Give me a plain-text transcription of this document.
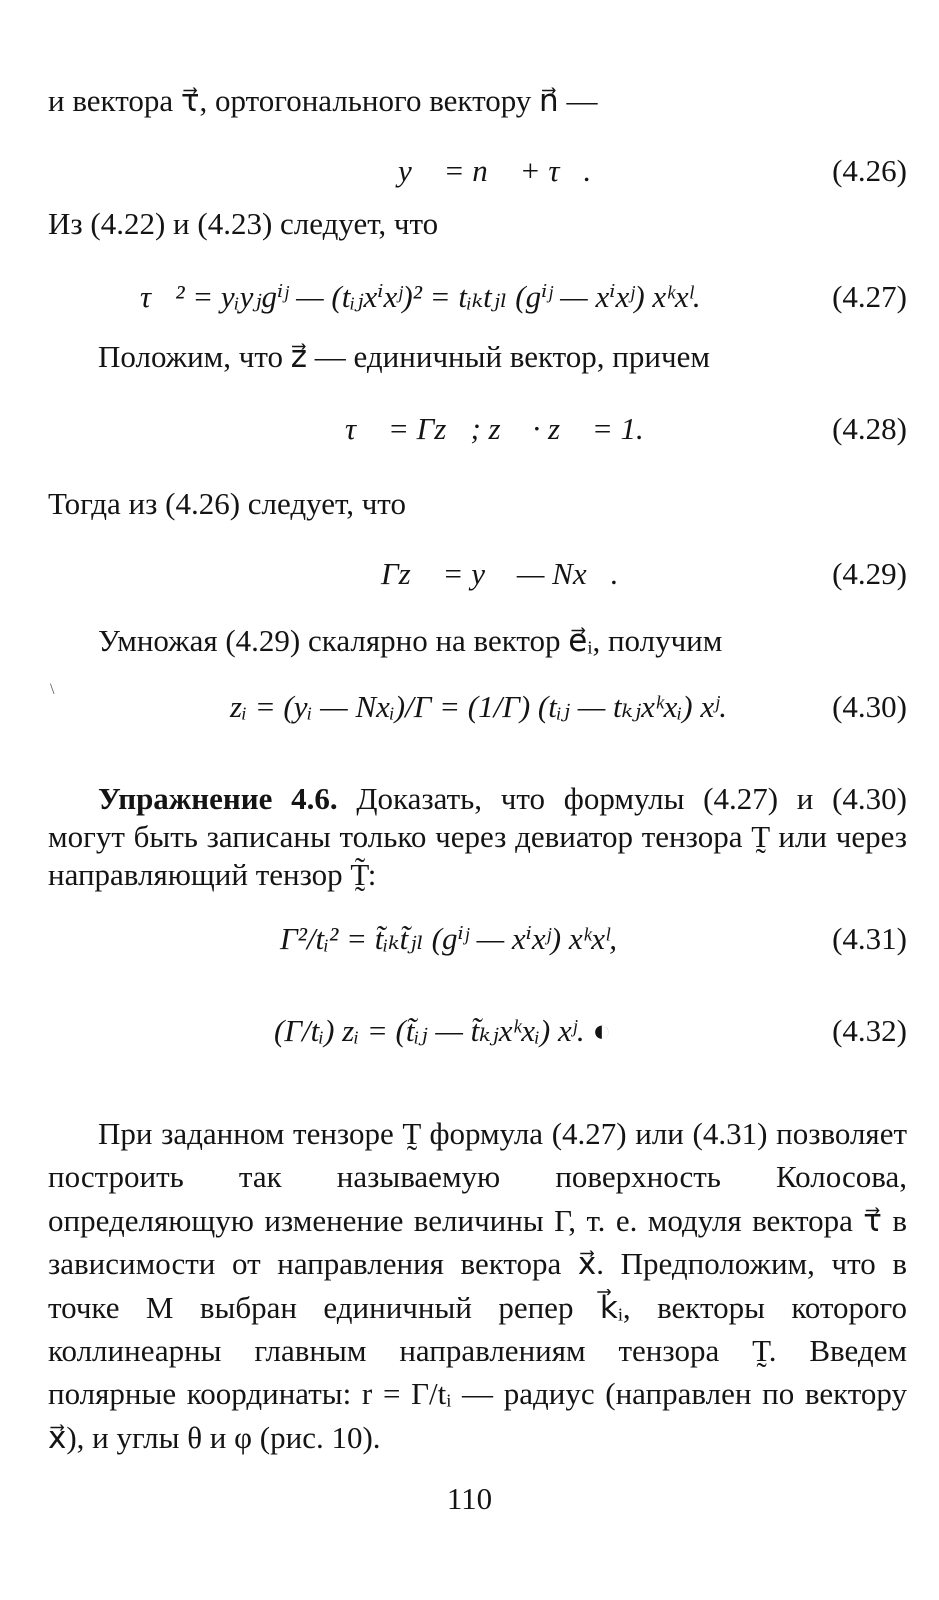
и вектора τ⃗, ортогонального вектору n⃗ —
y⃗ = n⃗ + τ⃗.	(4.26)
Из (4.22) и (4.23) следует, что
τ⃗² = yᵢyⱼgⁱʲ — (tᵢⱼxⁱxʲ)² = tᵢₖtⱼₗ (gⁱʲ — xⁱxʲ) xᵏxˡ.	(4.27)
Положим, что z⃗ — единичный вектор, причем
τ⃗ = Γz⃗; z⃗ · z⃗ = 1.	(4.28)
Тогда из (4.26) следует, что
Γz⃗ = y⃗ — Nx⃗.	(4.29)
Умножая (4.29) скалярно на вектор e⃗ᵢ, получим
\	zᵢ = (yᵢ — Nxᵢ)/Γ = (1/Γ) (tᵢⱼ — tₖⱼxᵏxᵢ) xʲ.	(4.30)
Упражнение 4.6. Доказать, что формулы (4.27) и (4.30) могут быть записаны только через девиатор тензора T̰ или через направляющий тензор T̰̃:
Γ²/tᵢ² = t̃ᵢₖt̃ⱼₗ (gⁱʲ — xⁱxʲ) xᵏxˡ,	(4.31)
(Γ/tᵢ) zᵢ = (t̃ᵢⱼ — t̃ₖⱼxᵏxᵢ) xʲ. ◐	(4.32)
При заданном тензоре T̰ формула (4.27) или (4.31) позволяет построить так называемую поверхность Колосова, определяющую изменение величины Γ, т. е. модуля вектора τ⃗ в зависимости от направления вектора x⃗. Предположим, что в точке M выбран единичный репер k⃗ᵢ, векторы которого коллинеарны главным направлениям тензора T̰. Введем полярные координаты: r = Γ/tᵢ — радиус (направлен по вектору x⃗), и углы θ и φ (рис. 10).
110
